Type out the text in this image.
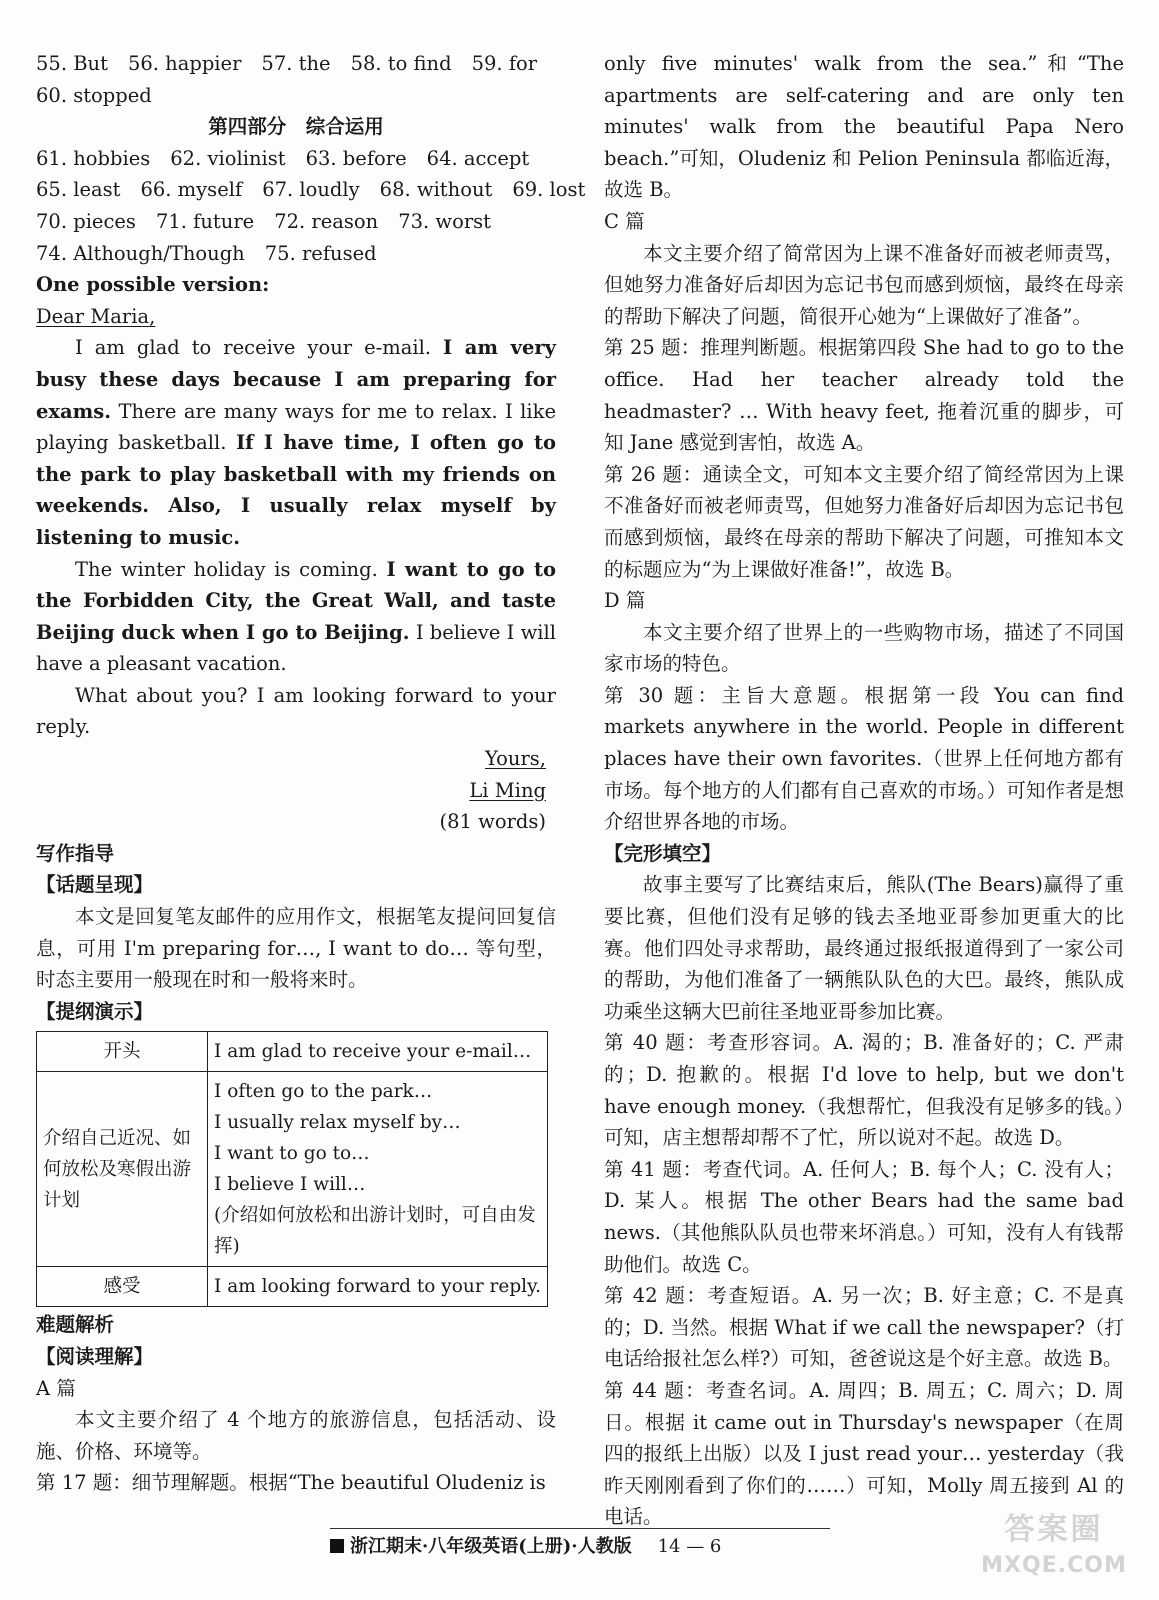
55. But 56. happier 57. the 58. to find 59. for
60. stopped
第四部分　综合运用
61. hobbies 62. violinist 63. before 64. accept
65. least 66. myself 67. loudly 68. without 69. lost
70. pieces 71. future 72. reason 73. worst
74. Although/Though 75. refused
One possible version:
Dear Maria,
I am glad to receive your e-mail. I am very busy these days because I am preparing for exams. There are many ways for me to relax. I like playing basketball. If I have time, I often go to the park to play basketball with my friends on weekends. Also, I usually relax myself by listening to music.
The winter holiday is coming. I want to go to the Forbidden City, the Great Wall, and taste Beijing duck when I go to Beijing. I believe I will have a pleasant vacation.
What about you? I am looking forward to your reply.
Yours,
Li Ming
(81 words)
写作指导
【话题呈现】
本文是回复笔友邮件的应用作文，根据笔友提问回复信息，可用 I'm preparing for…, I want to do… 等句型，时态主要用一般现在时和一般将来时。
【提纲演示】
开头	I am glad to receive your e-mail…

介绍自己近况、如何放松及寒假出游计划	I often go to the park…
I usually relax myself by…
I want to go to…
I believe I will…
(介绍如何放松和出游计划时，可自由发挥)

感受	I am looking forward to your reply.
难题解析
【阅读理解】
A 篇
本文主要介绍了 4 个地方的旅游信息，包括活动、设施、价格、环境等。
第 17 题：细节理解题。根据“The beautiful Oludeniz is
only five minutes' walk from the sea.”和“The apartments are self-catering and are only ten minutes' walk from the beautiful Papa Nero beach.”可知，Oludeniz 和 Pelion Peninsula 都临近海，故选 B。
C 篇
本文主要介绍了简常因为上课不准备好而被老师责骂，但她努力准备好后却因为忘记书包而感到烦恼，最终在母亲的帮助下解决了问题，简很开心她为“上课做好了准备”。
第 25 题：推理判断题。根据第四段 She had to go to the office. Had her teacher already told the headmaster? … With heavy feet, 拖着沉重的脚步，可知 Jane 感觉到害怕，故选 A。
第 26 题：通读全文，可知本文主要介绍了简经常因为上课不准备好而被老师责骂，但她努力准备好后却因为忘记书包而感到烦恼，最终在母亲的帮助下解决了问题，可推知本文的标题应为“为上课做好准备!”，故选 B。
D 篇
本文主要介绍了世界上的一些购物市场，描述了不同国家市场的特色。
第 30 题：主旨大意题。根据第一段 You can find markets anywhere in the world. People in different places have their own favorites.（世界上任何地方都有市场。每个地方的人们都有自己喜欢的市场。）可知作者是想介绍世界各地的市场。
【完形填空】
故事主要写了比赛结束后，熊队(The Bears)赢得了重要比赛，但他们没有足够的钱去圣地亚哥参加更重大的比赛。他们四处寻求帮助，最终通过报纸报道得到了一家公司的帮助，为他们准备了一辆熊队队色的大巴。最终，熊队成功乘坐这辆大巴前往圣地亚哥参加比赛。
第 40 题：考查形容词。A. 渴的；B. 准备好的；C. 严肃的；D. 抱歉的。根据 I'd love to help, but we don't have enough money.（我想帮忙，但我没有足够多的钱。）可知，店主想帮却帮不了忙，所以说对不起。故选 D。
第 41 题：考查代词。A. 任何人；B. 每个人；C. 没有人；D. 某人。根据 The other Bears had the same bad news.（其他熊队队员也带来坏消息。）可知，没有人有钱帮助他们。故选 C。
第 42 题：考查短语。A. 另一次；B. 好主意；C. 不是真的；D. 当然。根据 What if we call the newspaper?（打电话给报社怎么样?）可知，爸爸说这是个好主意。故选 B。
第 44 题：考查名词。A. 周四；B. 周五；C. 周六；D. 周日。根据 it came out in Thursday's newspaper（在周四的报纸上出版）以及 I just read your… yesterday（我昨天刚刚看到了你们的……）可知，Molly 周五接到 Al 的电话。
浙江期末·八年级英语(上册)·人教版 14 — 6	答案圈
MXQE.COM
